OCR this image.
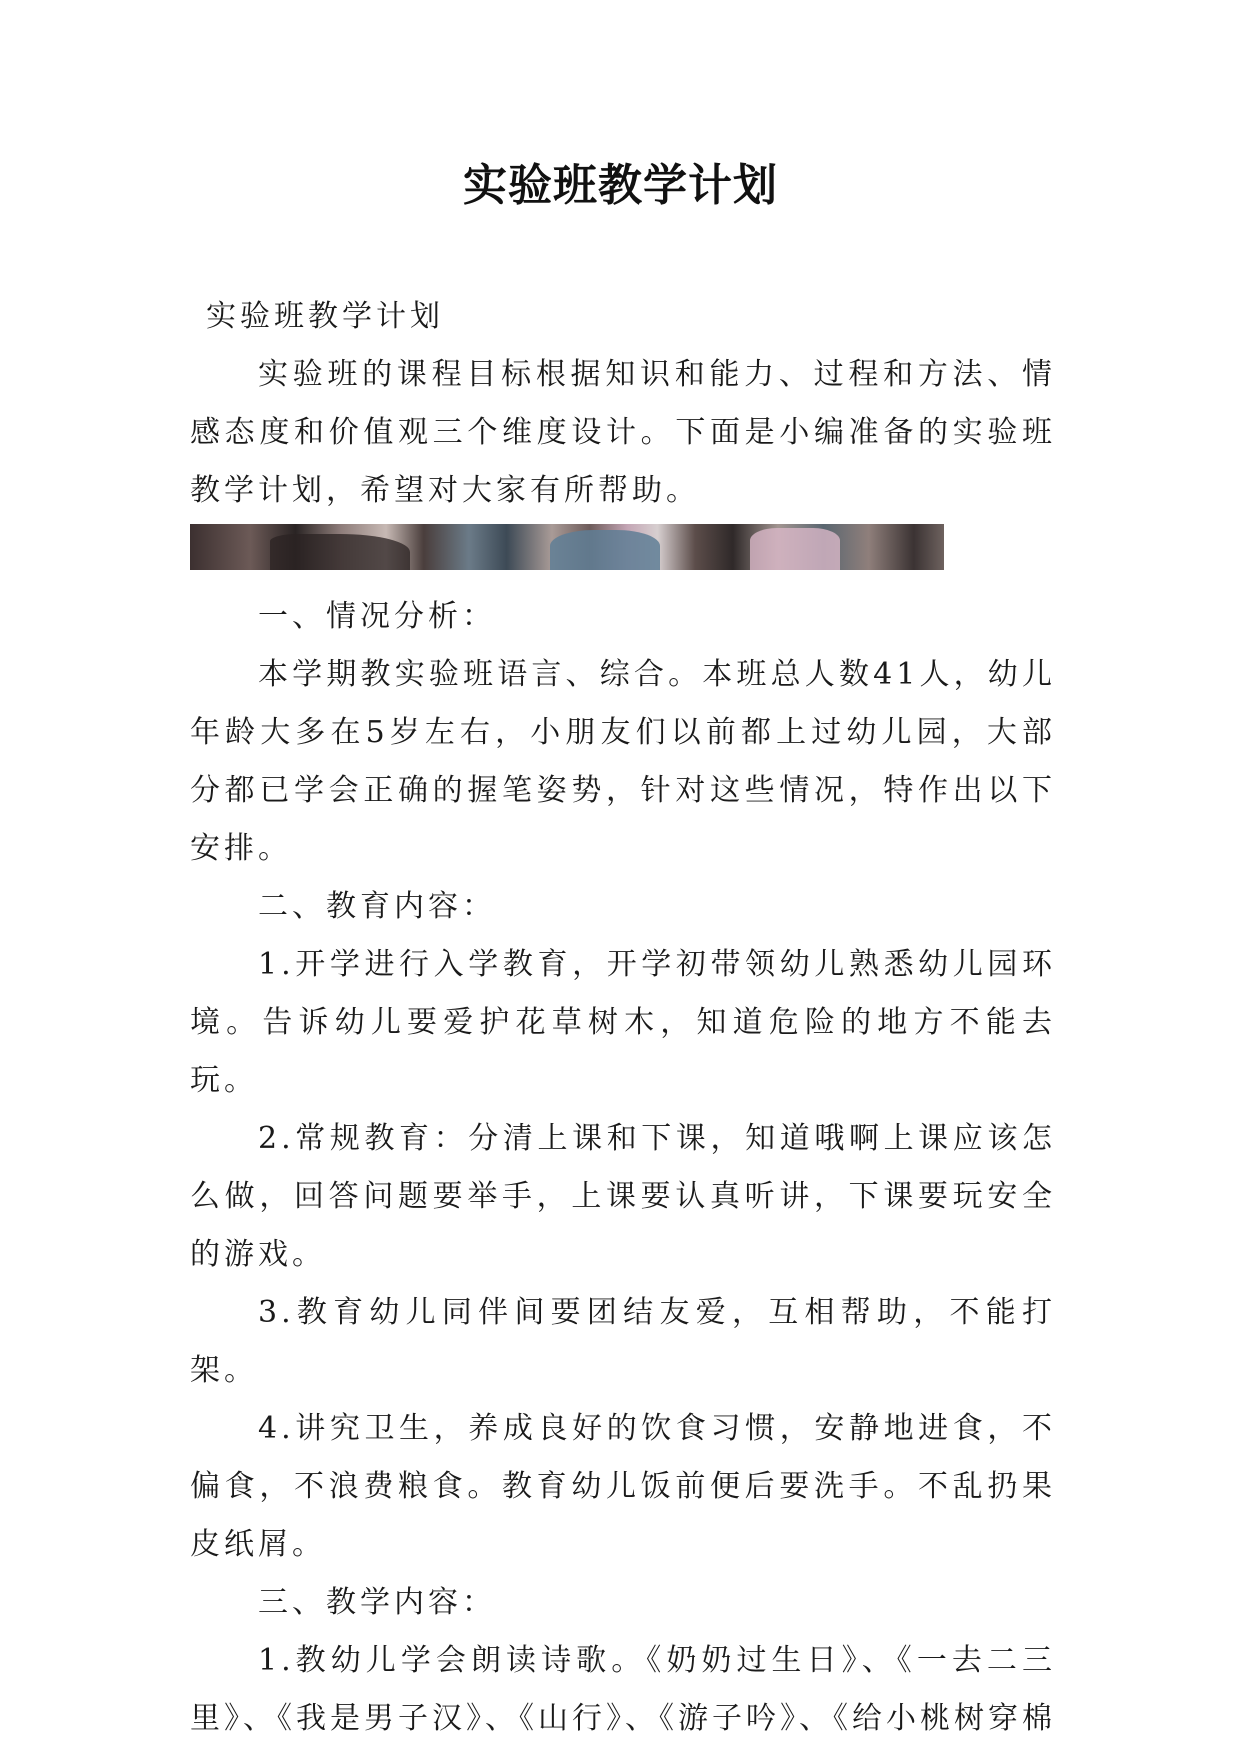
实验班教学计划

实验班教学计划

实验班的课程目标根据知识和能力、过程和方法、情感态度和价值观三个维度设计。下面是小编准备的实验班教学计划，希望对大家有所帮助。

一、情况分析：

本学期教实验班语言、综合。本班总人数41人，幼儿年龄大多在5岁左右，小朋友们以前都上过幼儿园，大部分都已学会正确的握笔姿势，针对这些情况，特作出以下安排。

二、教育内容：

1.开学进行入学教育，开学初带领幼儿熟悉幼儿园环境。告诉幼儿要爱护花草树木，知道危险的地方不能去玩。

2.常规教育：分清上课和下课，知道哦啊上课应该怎么做，回答问题要举手，上课要认真听讲，下课要玩安全的游戏。

3.教育幼儿同伴间要团结友爱，互相帮助，不能打架。

4.讲究卫生，养成良好的饮食习惯，安静地进食，不偏食，不浪费粮食。教育幼儿饭前便后要洗手。不乱扔果皮纸屑。

三、教学内容：

1.教幼儿学会朗读诗歌。《奶奶过生日》、《一去二三里》、《我是男子汉》、《山行》、《游子吟》、《给小桃树穿棉
